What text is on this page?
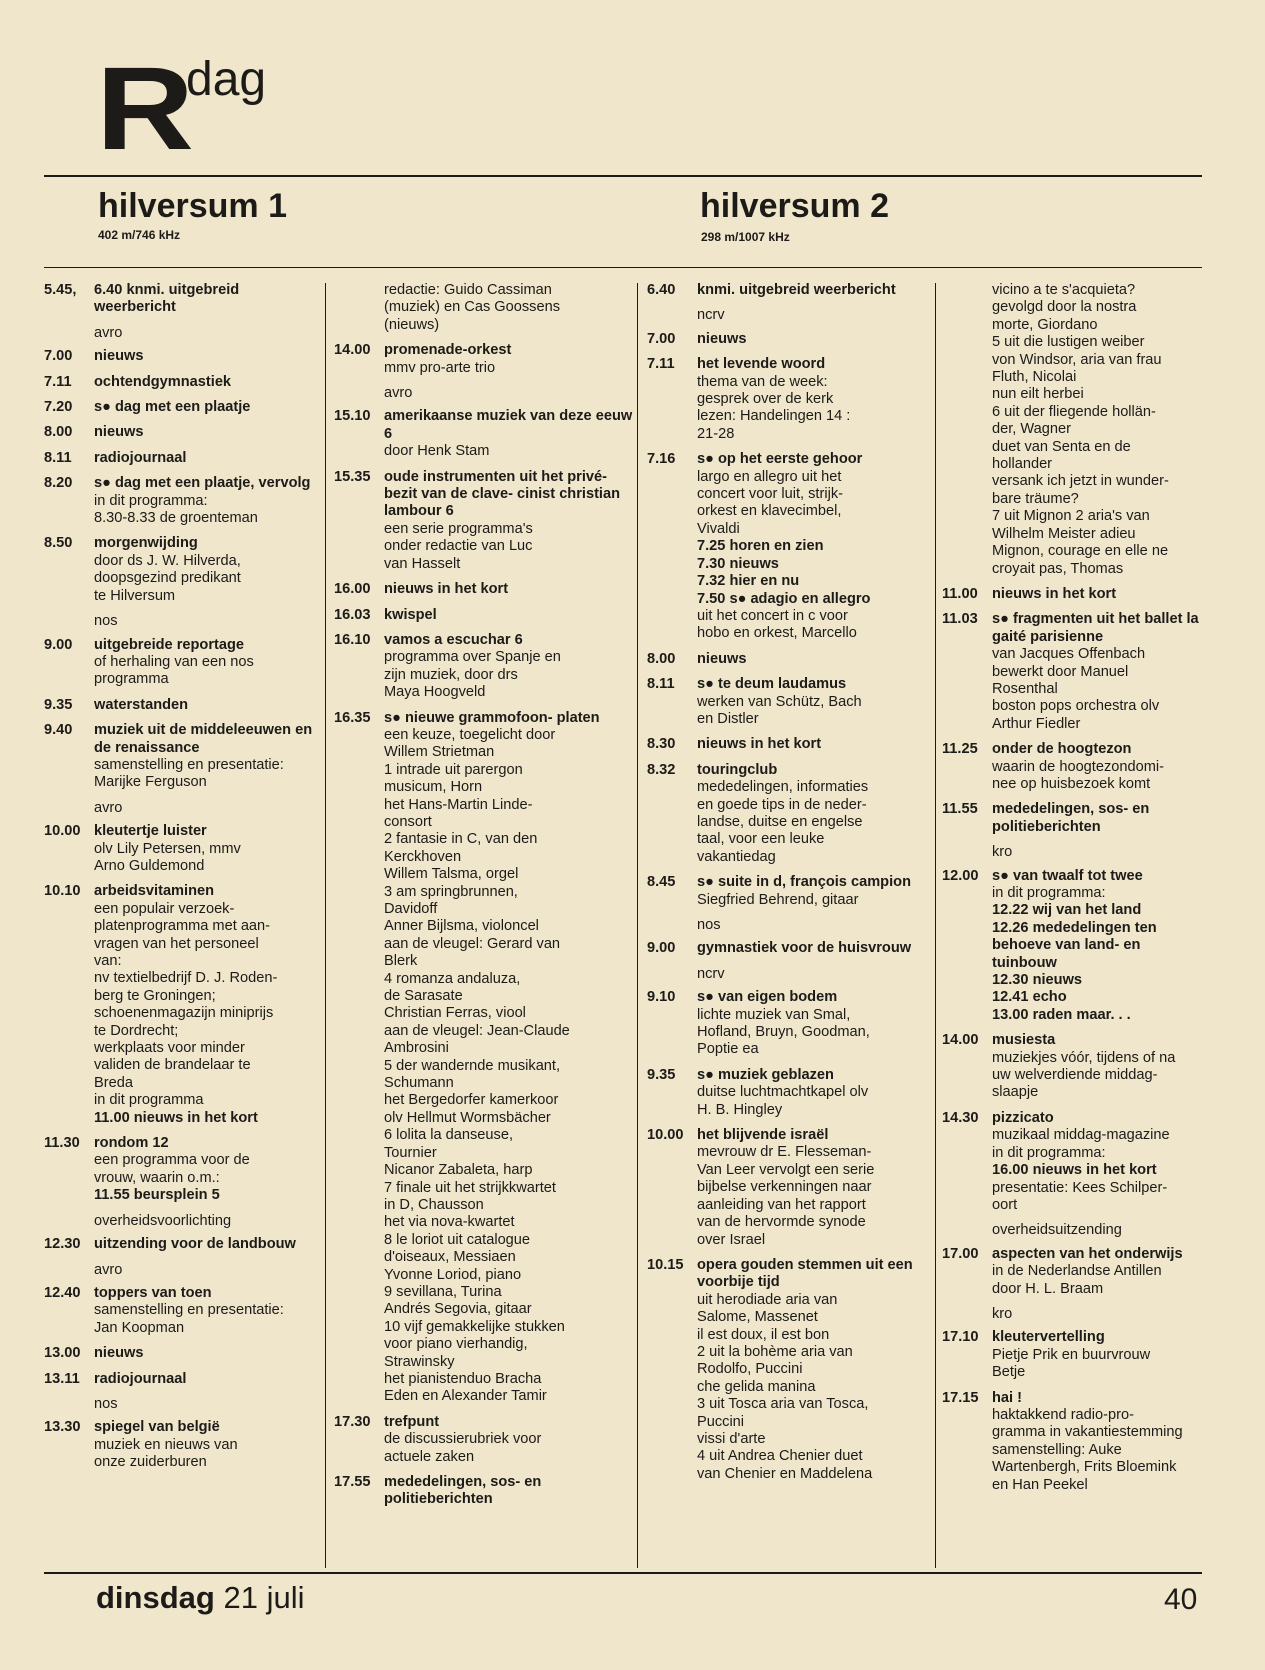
R
dag
hilversum 1
402 m/746 kHz
hilversum 2
298 m/1007 kHz
5.45, 6.40 knmi. uitgebreid
weerbericht
avro
7.00 nieuws
7.11 ochtendgymnastiek
7.20 s● dag met een plaatje
8.00 nieuws
8.11 radiojournaal
8.20 s● dag met een plaatje, vervolg
in dit programma:
8.30-8.33 de groenteman
8.50 morgenwijding
door ds J. W. Hilverda,
doopsgezind predikant
te Hilversum
nos
9.00 uitgebreide reportage
of herhaling van een nos
programma
9.35 waterstanden
9.40 muziek uit de middeleeuwen en de renaissance
samenstelling en presentatie:
Marijke Ferguson
avro
10.00 kleutertje luister
olv Lily Petersen, mmv
Arno Guldemond
10.10 arbeidsvitaminen
een populair verzoek-
platenprogramma met aan-
vragen van het personeel
van:
nv textielbedrijf D. J. Roden-
berg te Groningen;
schoenenmagazijn miniprijs
te Dordrecht;
werkplaats voor minder
validen de brandelaar te
Breda
in dit programma
11.00 nieuws in het kort
11.30 rondom 12
een programma voor de
vrouw, waarin o.m.:
11.55 beursplein 5
overheidsvoorlichting
12.30 uitzending voor de landbouw
avro
12.40 toppers van toen
samenstelling en presentatie:
Jan Koopman
13.00 nieuws
13.11 radiojournaal
nos
13.30 spiegel van belgië
muziek en nieuws van
onze zuiderburen
redactie: Guido Cassiman
(muziek) en Cas Goossens
(nieuws)
14.00 promenade-orkest
mmv pro-arte trio
avro
15.10 amerikaanse muziek van deze eeuw 6
door Henk Stam
15.35 oude instrumenten uit het privé-bezit van de clave- cinist christian lambour 6
een serie programma's
onder redactie van Luc
van Hasselt
16.00 nieuws in het kort
16.03 kwispel
16.10 vamos a escuchar 6
programma over Spanje en
zijn muziek, door drs
Maya Hoogveld
16.35 s● nieuwe grammofoon- platen
een keuze, toegelicht door
Willem Strietman
1 intrade uit parergon
musicum, Horn
het Hans-Martin Linde-
consort
2 fantasie in C, van den
Kerckhoven
Willem Talsma, orgel
3 am springbrunnen,
Davidoff
Anner Bijlsma, violoncel
aan de vleugel: Gerard van
Blerk
4 romanza andaluza,
de Sarasate
Christian Ferras, viool
aan de vleugel: Jean-Claude
Ambrosini
5 der wandernde musikant,
Schumann
het Bergedorfer kamerkoor
olv Hellmut Wormsbächer
6 lolita la danseuse,
Tournier
Nicanor Zabaleta, harp
7 finale uit het strijkkwartet
in D, Chausson
het via nova-kwartet
8 le loriot uit catalogue
d'oiseaux, Messiaen
Yvonne Loriod, piano
9 sevillana, Turina
Andrés Segovia, gitaar
10 vijf gemakkelijke stukken
voor piano vierhandig,
Strawinsky
het pianistenduo Bracha
Eden en Alexander Tamir
17.30 trefpunt
de discussierubriek voor
actuele zaken
17.55 mededelingen, sos- en politieberichten
6.40 knmi. uitgebreid weerbericht
ncrv
7.00 nieuws
7.11 het levende woord
thema van de week:
gesprek over de kerk
lezen: Handelingen 14 :
21-28
7.16 s● op het eerste gehoor
largo en allegro uit het
concert voor luit, strijk-
orkest en klavecimbel,
Vivaldi
7.25 horen en zien
7.30 nieuws
7.32 hier en nu
7.50 s● adagio en allegro
uit het concert in c voor
hobo en orkest, Marcello
8.00 nieuws
8.11 s● te deum laudamus
werken van Schütz, Bach
en Distler
8.30 nieuws in het kort
8.32 touringclub
mededelingen, informaties
en goede tips in de neder-
landse, duitse en engelse
taal, voor een leuke
vakantiedag
8.45 s● suite in d, françois campion
Siegfried Behrend, gitaar
nos
9.00 gymnastiek voor de huisvrouw
ncrv
9.10 s● van eigen bodem
lichte muziek van Smal,
Hofland, Bruyn, Goodman,
Poptie ea
9.35 s● muziek geblazen
duitse luchtmachtkapel olv
H. B. Hingley
10.00 het blijvende israël
mevrouw dr E. Flesseman-
Van Leer vervolgt een serie
bijbelse verkenningen naar
aanleiding van het rapport
van de hervormde synode
over Israel
10.15 opera gouden stemmen uit een voorbije tijd
uit herodiade aria van
Salome, Massenet
il est doux, il est bon
2 uit la bohème aria van
Rodolfo, Puccini
che gelida manina
3 uit Tosca aria van Tosca,
Puccini
vissi d'arte
4 uit Andrea Chenier duet
van Chenier en Maddelena
vicino a te s'acquieta?
gevolgd door la nostra
morte, Giordano
5 uit die lustigen weiber
von Windsor, aria van frau
Fluth, Nicolai
nun eilt herbei
6 uit der fliegende hollän-
der, Wagner
duet van Senta en de
hollander
versank ich jetzt in wunder-
bare träume?
7 uit Mignon 2 aria's van
Wilhelm Meister adieu
Mignon, courage en elle ne
croyait pas, Thomas
11.00 nieuws in het kort
11.03 s● fragmenten uit het ballet la gaité parisienne
van Jacques Offenbach
bewerkt door Manuel
Rosenthal
boston pops orchestra olv
Arthur Fiedler
11.25 onder de hoogtezon
waarin de hoogtezondomi-
nee op huisbezoek komt
11.55 mededelingen, sos- en politieberichten
kro
12.00 s● van twaalf tot twee
in dit programma:
12.22 wij van het land
12.26 mededelingen ten
behoeve van land- en
tuinbouw
12.30 nieuws
12.41 echo
13.00 raden maar. . .
14.00 musiesta
muziekjes vóór, tijdens of na
uw welverdiende middag-
slaapje
14.30 pizzicato
muzikaal middag-magazine
in dit programma:
16.00 nieuws in het kort
presentatie: Kees Schilper-
oort
overheidsuitzending
17.00 aspecten van het onderwijs
in de Nederlandse Antillen
door H. L. Braam
kro
17.10 kleutervertelling
Pietje Prik en buurvrouw
Betje
17.15 hai !
haktakkend radio-pro-
gramma in vakantiestemming
samenstelling: Auke
Wartenbergh, Frits Bloemink
en Han Peekel
dinsdag 21 juli	40
